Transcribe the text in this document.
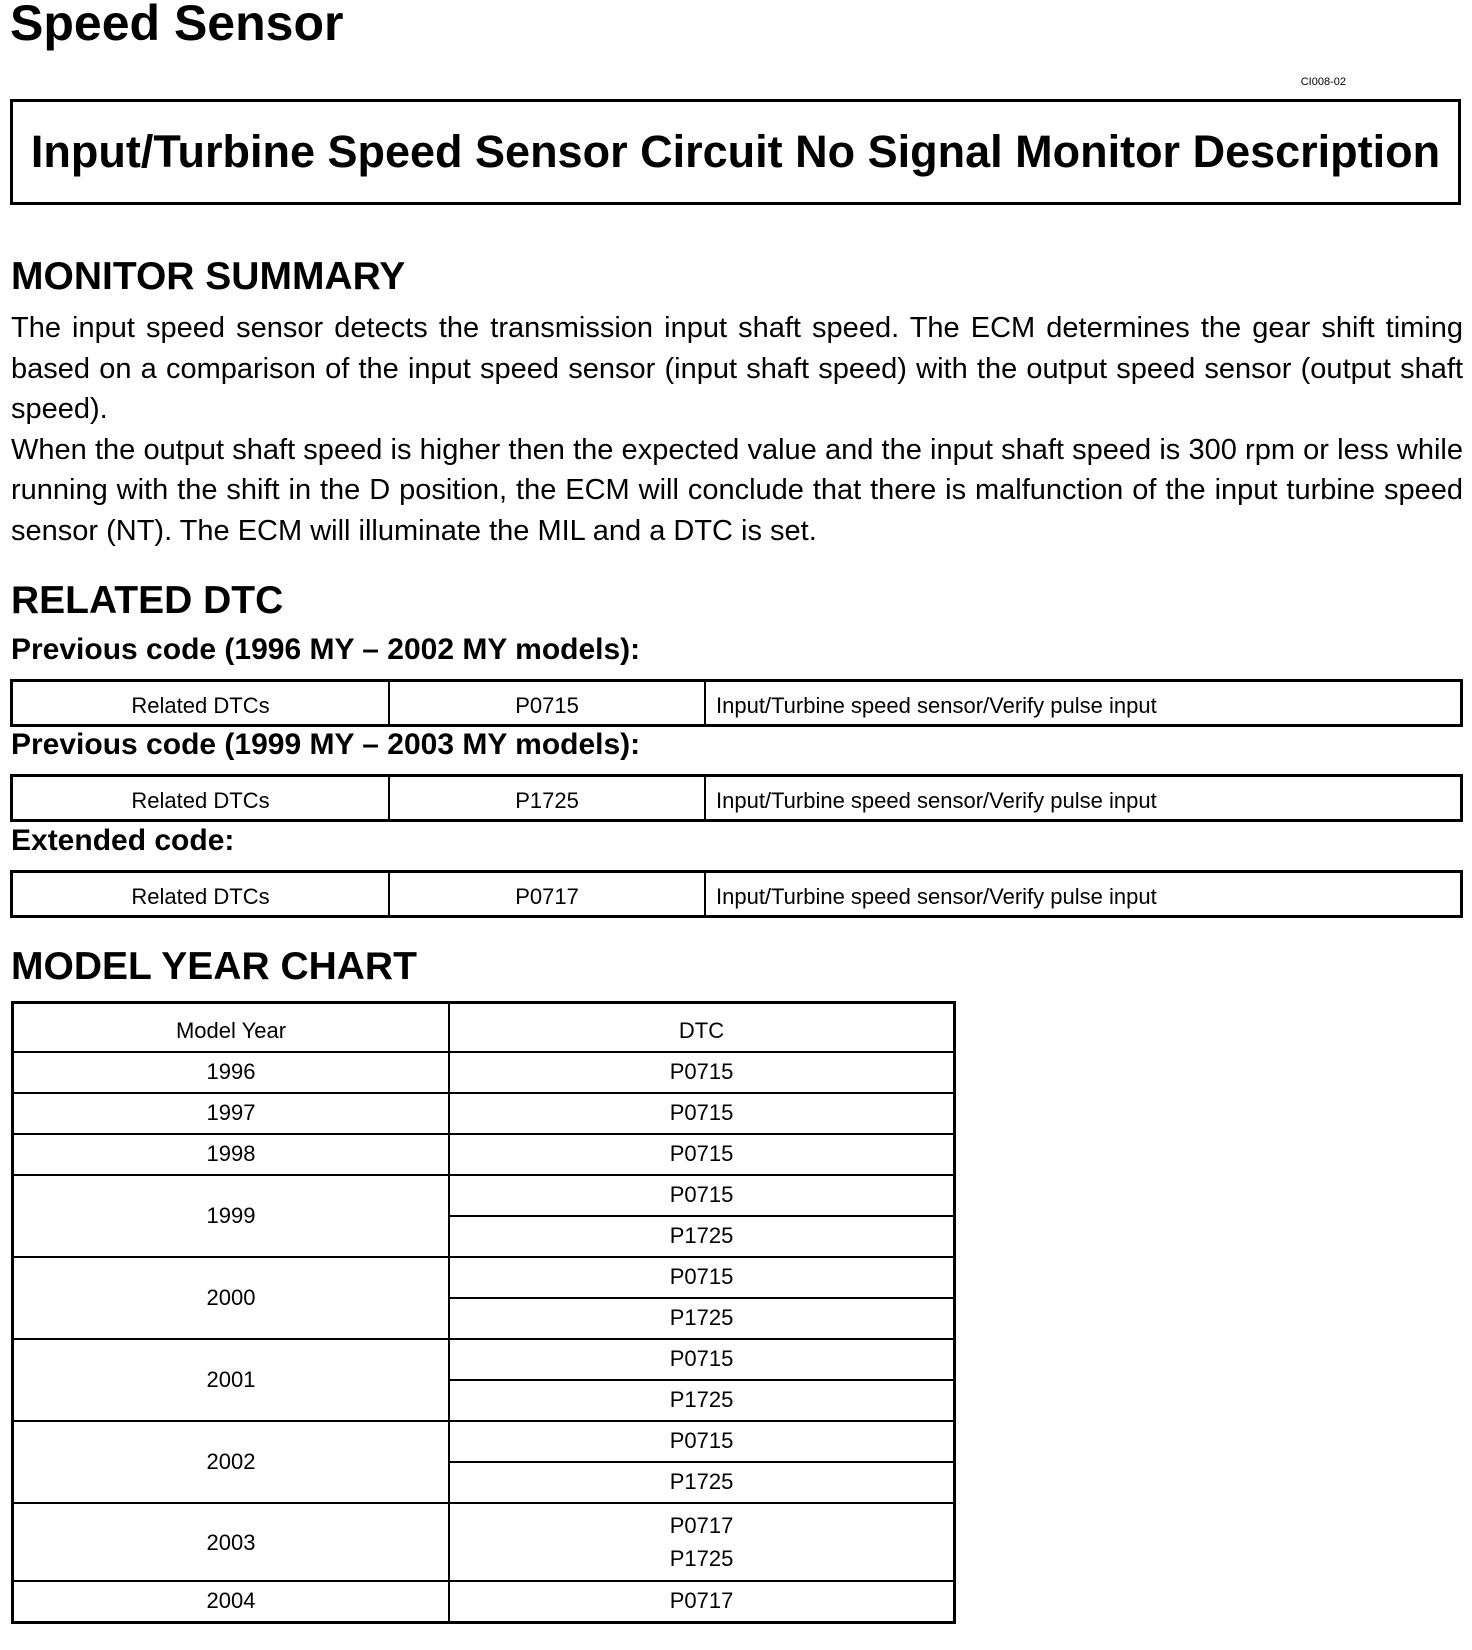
Speed Sensor
CI008-02
Input/Turbine Speed Sensor Circuit No Signal Monitor Description
MONITOR SUMMARY

The input speed sensor detects the transmission input shaft speed. The ECM determines the gear shift timing based on a comparison of the input speed sensor (input shaft speed) with the output speed sensor (output shaft speed).

When the output shaft speed is higher then the expected value and the input shaft speed is 300 rpm or less while running with the shift in the D position, the ECM will conclude that there is malfunction of the input turbine speed sensor (NT). The ECM will illuminate the MIL and a DTC is set.

RELATED DTC
Previous code (1996 MY – 2002 MY models):
Related DTCs	P0715	Input/Turbine speed sensor/Verify pulse input
Previous code (1999 MY – 2003 MY models):
Related DTCs	P1725	Input/Turbine speed sensor/Verify pulse input
Extended code:
Related DTCs	P0717	Input/Turbine speed sensor/Verify pulse input
MODEL YEAR CHART
Model Year	DTC
1996	P0715
1997	P0715
1998	P0715
1999	P0715
	P1725
2000	P0715
	P1725
2001	P0715
	P1725
2002	P0715
	P1725
2003	P0717
P1725

2004	P0717
